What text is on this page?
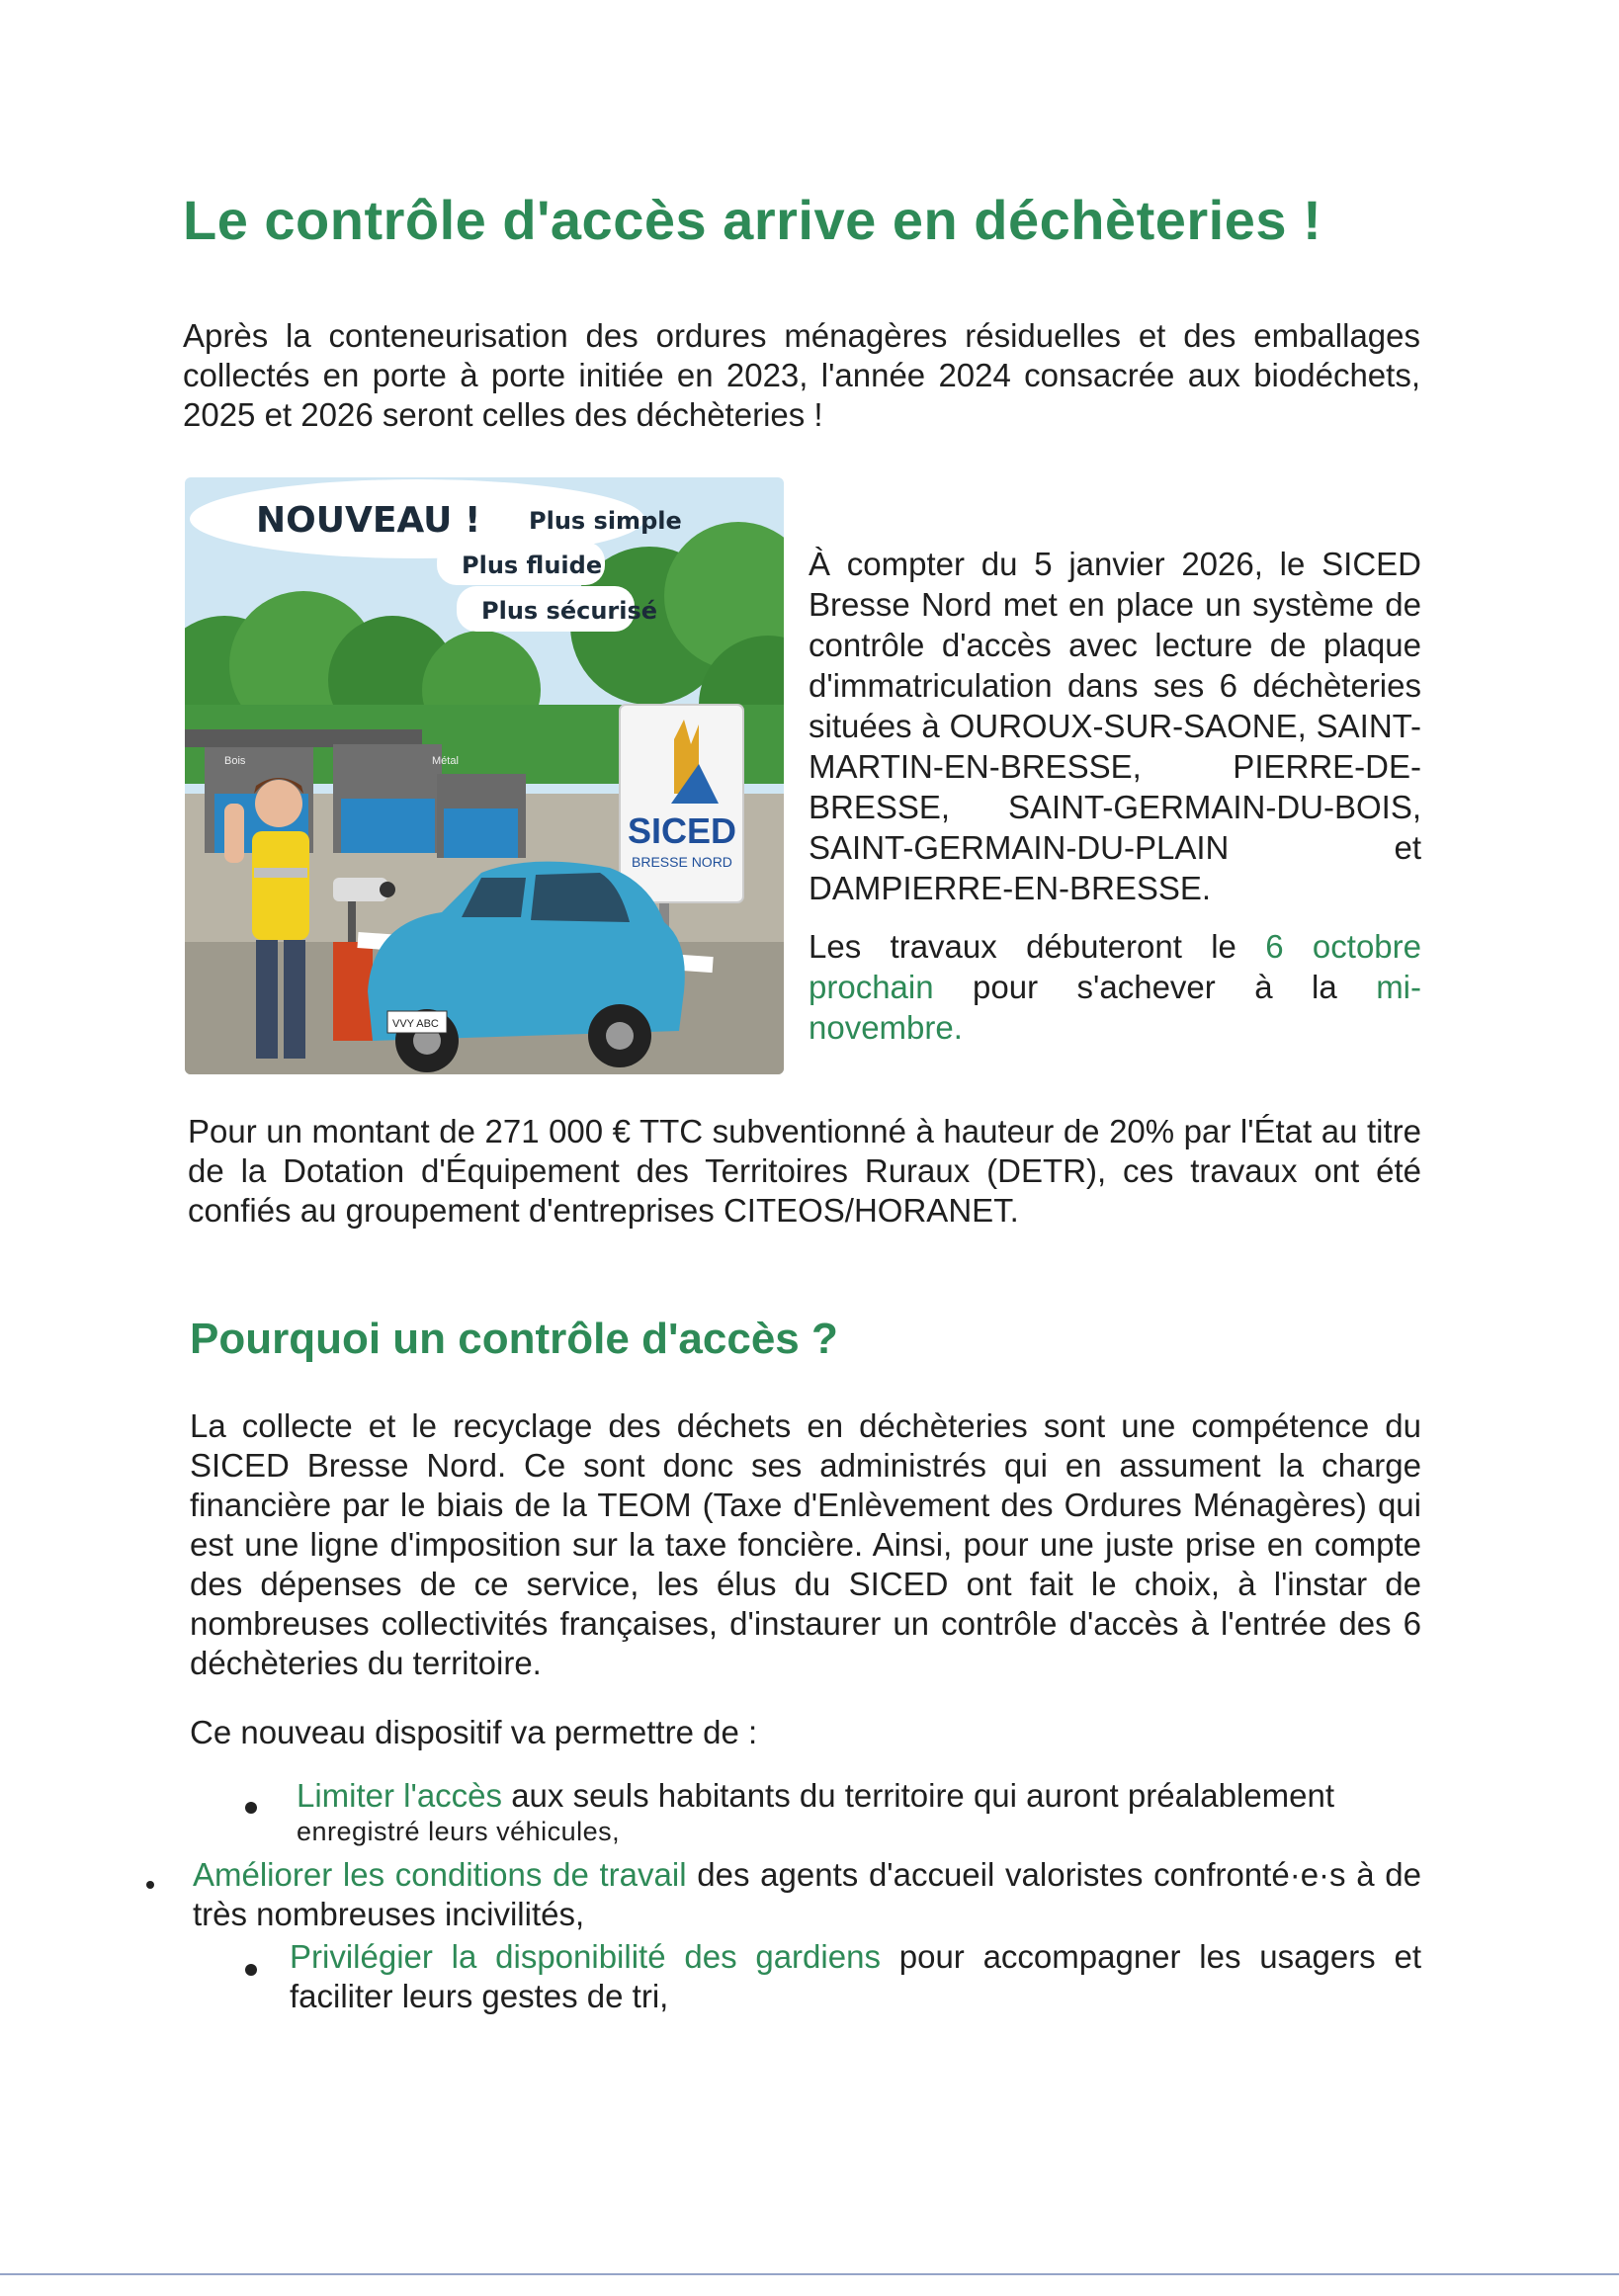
Le contrôle d'accès arrive en déchèteries !

Après la conteneurisation des ordures ménagères résiduelles et des emballages collectés en porte à porte initiée en 2023, l'année 2024 consacrée aux biodéchets, 2025 et 2026 seront celles des déchèteries !

Bois	Métal
NOUVEAU ! Plus simple
Plus fluide
Plus sécurisé
SICED
BRESSE NORD
VVY ABC

À compter du 5 janvier 2026, le SICED Bresse Nord met en place un système de contrôle d'accès avec lecture de plaque d'immatriculation dans ses 6 déchèteries situées à OUROUX-SUR-SAONE, SAINT-MARTIN-EN-BRESSE, PIERRE-DE-BRESSE, SAINT-GERMAIN-DU-BOIS, SAINT-GERMAIN-DU-PLAIN et DAMPIERRE-EN-BRESSE.

Les travaux débuteront le 6 octobre prochain pour s'achever à la mi-novembre.

Pour un montant de 271 000 € TTC subventionné à hauteur de 20% par l'État au titre de la Dotation d'Équipement des Territoires Ruraux (DETR), ces travaux ont été confiés au groupement d'entreprises CITEOS/HORANET.

Pourquoi un contrôle d'accès ?

La collecte et le recyclage des déchets en déchèteries sont une compétence du SICED Bresse Nord. Ce sont donc ses administrés qui en assument la charge financière par le biais de la TEOM (Taxe d'Enlèvement des Ordures Ménagères) qui est une ligne d'imposition sur la taxe foncière. Ainsi, pour une juste prise en compte des dépenses de ce service, les élus du SICED ont fait le choix, à l'instar de nombreuses collectivités françaises, d'instaurer un contrôle d'accès à l'entrée des 6 déchèteries du territoire.

Ce nouveau dispositif va permettre de :

Limiter l'accès aux seuls habitants du territoire qui auront préalablement
enregistré leurs véhicules,
Améliorer les conditions de travail des agents d'accueil valoristes confronté·e·s à de très nombreuses incivilités,
Privilégier la disponibilité des gardiens pour accompagner les usagers et faciliter leurs gestes de tri,
